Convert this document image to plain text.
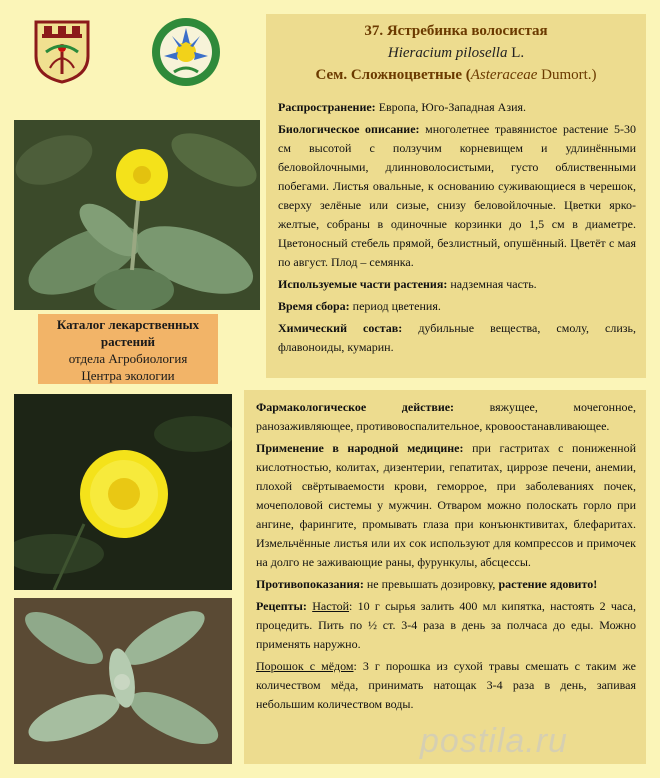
37. Ястребинка волосистая
Hieracium pilosella L.
Сем. Сложноцветные (Asteraceae Dumort.)

Распространение: Европа, Юго-Западная Азия.

Биологическое описание: многолетнее травянистое растение 5-30 см высотой с ползучим корневищем и удлинёнными беловойлочными, длинноволосистыми, густо облиственными побегами. Листья овальные, к основанию суживающиеся в черешок, сверху зелёные или сизые, снизу беловойлочные. Цветки ярко-желтые, собраны в одиночные корзинки до 1,5 см в диаметре. Цветоносный стебель прямой, безлистный, опушённый. Цветёт с мая по август. Плод – семянка.

Используемые части растения: надземная часть.

Время сбора: период цветения.

Химический состав: дубильные вещества, смолу, слизь, флавоноиды, кумарин.

Фармакологическое действие: вяжущее, мочегонное, ранозаживляющее, противовоспалительное, кровоостанавливающее.

Применение в народной медицине: при гастритах с пониженной кислотностью, колитах, дизентерии, гепатитах, циррозе печени, анемии, плохой свёртываемости крови, геморрое, при заболеваниях почек, мочеполовой системы у мужчин. Отваром можно полоскать горло при ангине, фарингите, промывать глаза при конъюнктивитах, блефаритах. Измельчённые листья или их сок используют для компрессов и примочек на долго не заживающие раны, фурункулы, абсцессы.

Противопоказания: не превышать дозировку, растение ядовито!

Рецепты: Настой: 10 г сырья залить 400 мл кипятка, настоять 2 часа, процедить. Пить по ½ ст. 3-4 раза в день за полчаса до еды. Можно применять наружно.

Порошок с мёдом: 3 г порошка из сухой травы смешать с таким же количеством мёда, принимать натощак 3-4 раза в день, запивая небольшим количеством воды.

Каталог лекарственных
растений
отдела Агробиология
Центра экологии
postila.ru
